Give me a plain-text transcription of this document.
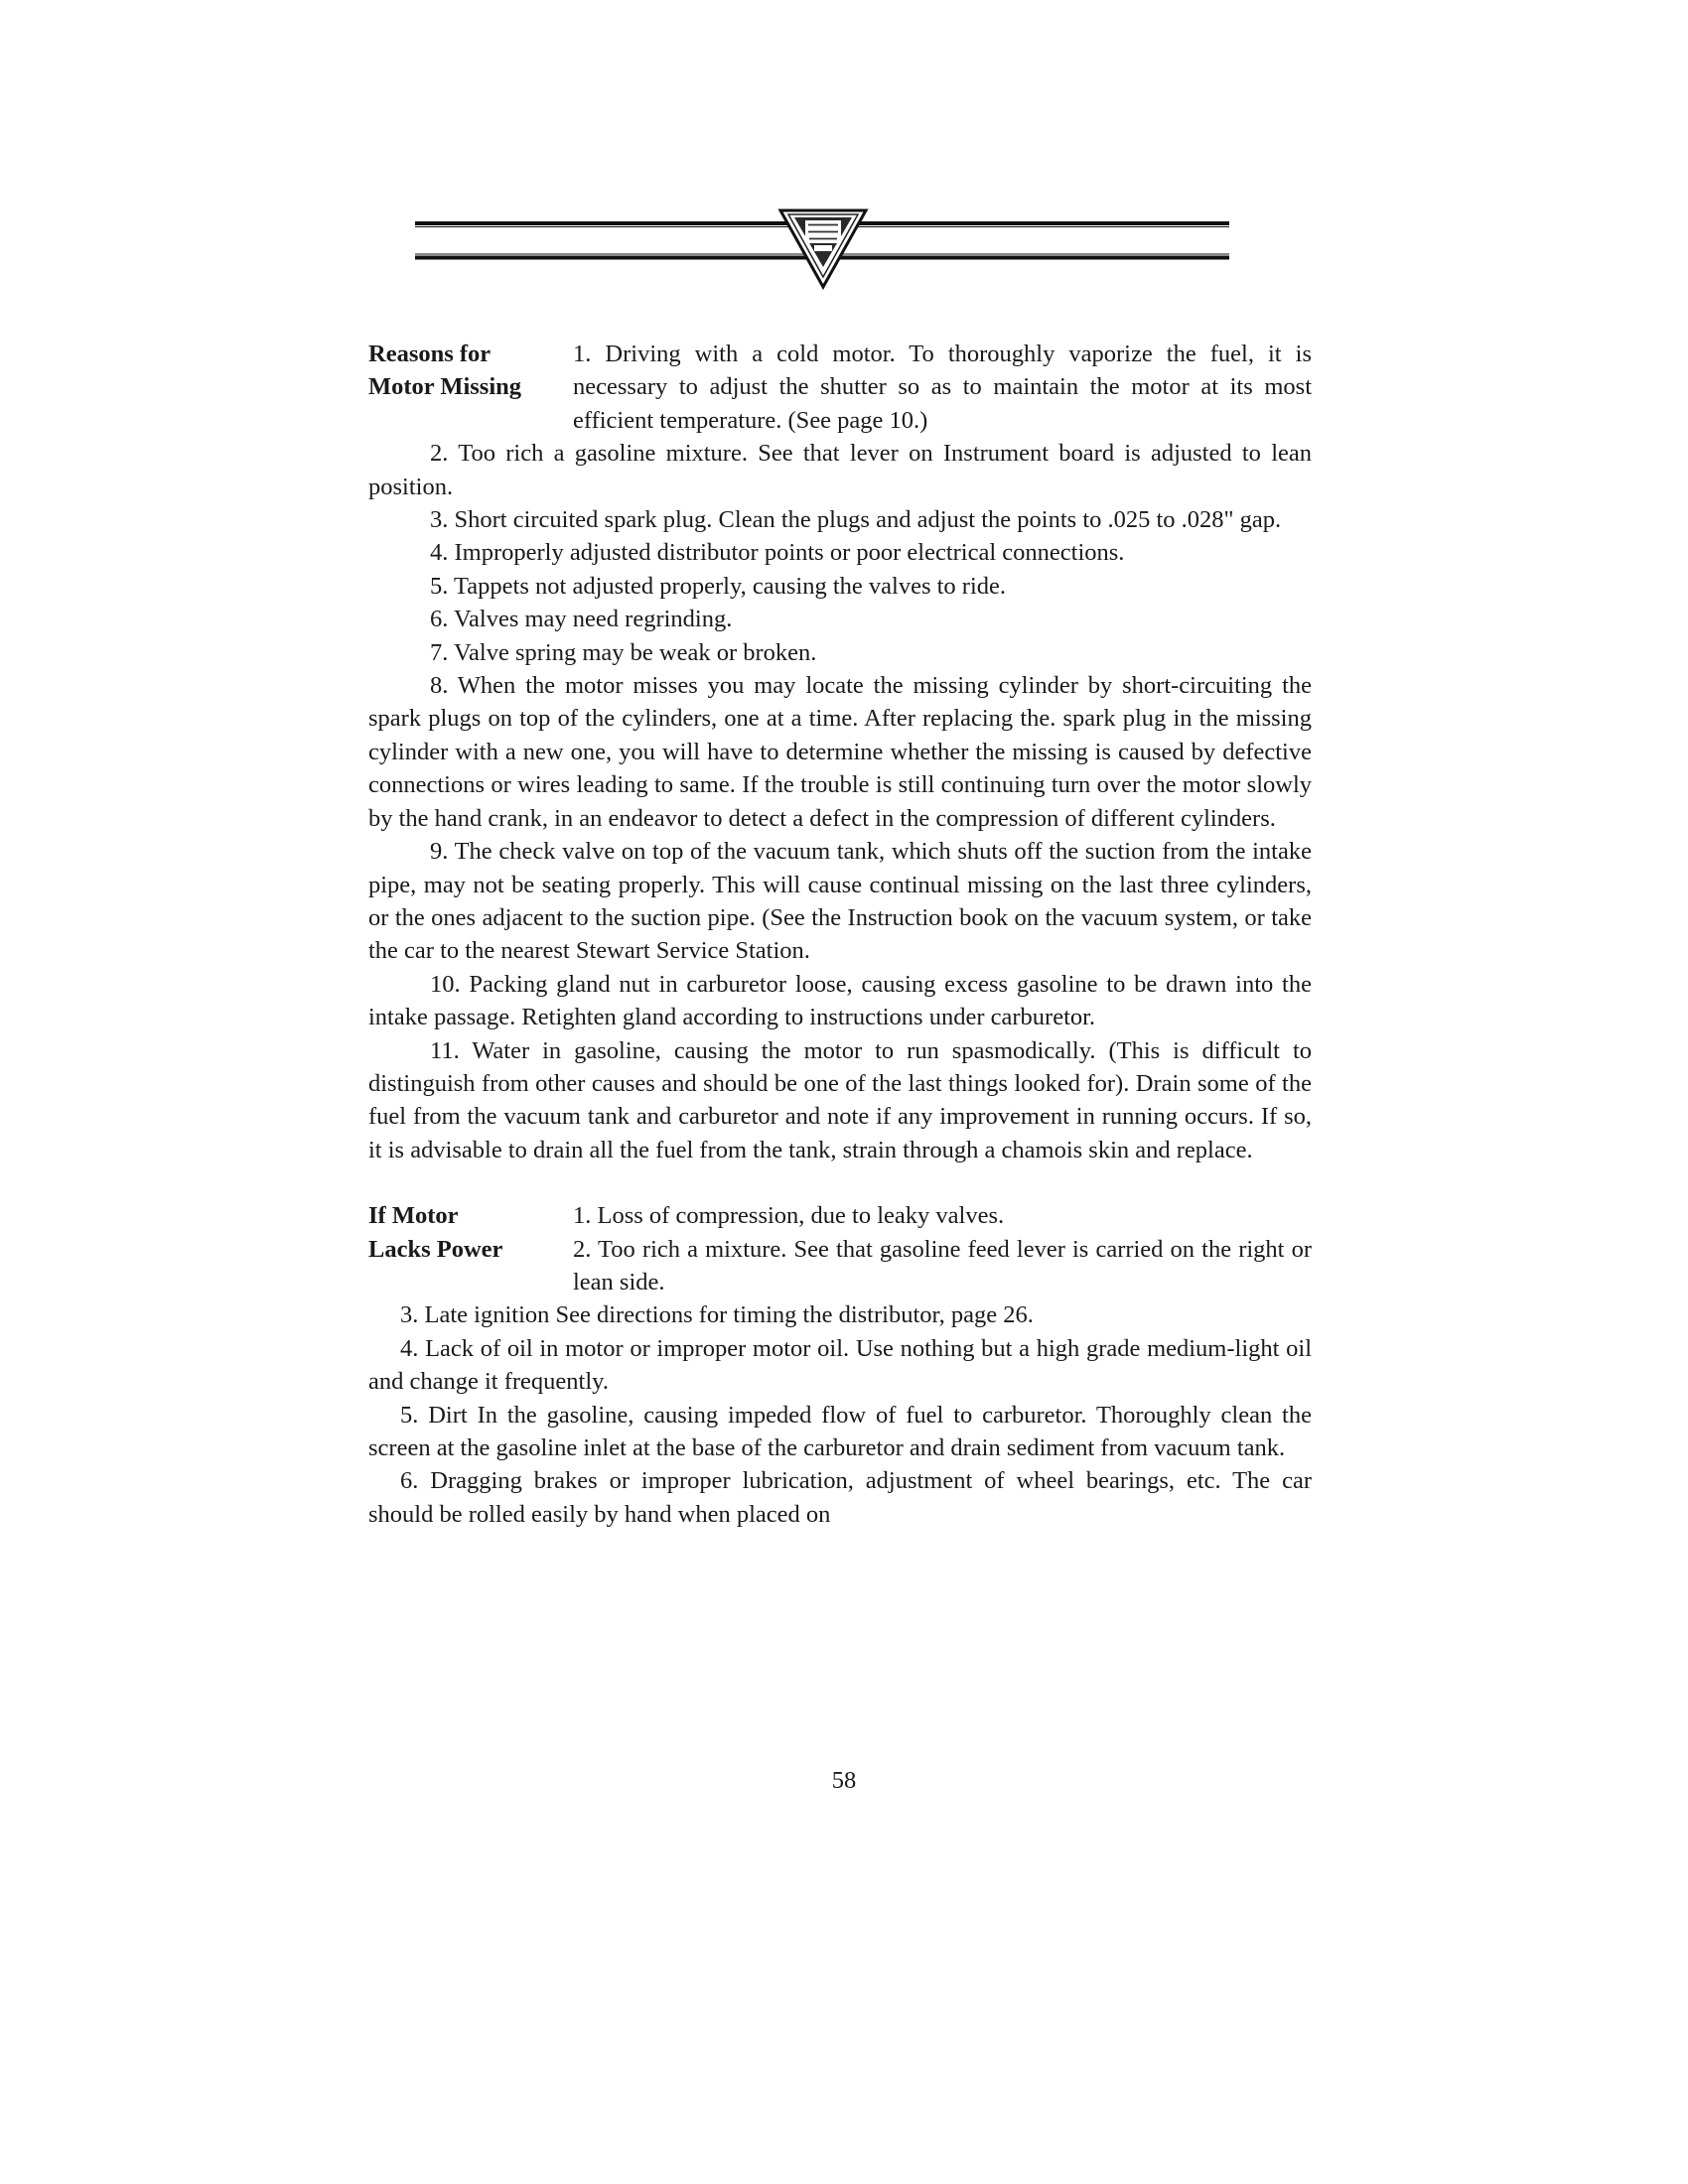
Reasons for
Motor Missing

1. Driving with a cold motor. To thoroughly vaporize the fuel, it is necessary to adjust the shutter so as to maintain the motor at its most efficient temperature. (See page 10.)

2. Too rich a gasoline mixture. See that lever on Instrument board is adjusted to lean position.

3. Short circuited spark plug. Clean the plugs and adjust the points to .025 to .028" gap.

4. Improperly adjusted distributor points or poor electrical connections.

5. Tappets not adjusted properly, causing the valves to ride.

6. Valves may need regrinding.

7. Valve spring may be weak or broken.

8. When the motor misses you may locate the missing cylinder by short-circuiting the spark plugs on top of the cylinders, one at a time. After replacing the. spark plug in the missing cylinder with a new one, you will have to determine whether the missing is caused by defective connections or wires leading to same. If the trouble is still continuing turn over the motor slowly by the hand crank, in an endeavor to detect a defect in the compression of different cylinders.

9. The check valve on top of the vacuum tank, which shuts off the suction from the intake pipe, may not be seating properly. This will cause continual missing on the last three cylinders, or the ones adjacent to the suction pipe. (See the Instruction book on the vacuum system, or take the car to the nearest Stewart Service Station.

10. Packing gland nut in carburetor loose, causing excess gasoline to be drawn into the intake passage. Retighten gland according to instructions under carburetor.

11. Water in gasoline, causing the motor to run spasmodically. (This is difficult to distinguish from other causes and should be one of the last things looked for). Drain some of the fuel from the vacuum tank and carburetor and note if any improvement in running occurs. If so, it is advisable to drain all the fuel from the tank, strain through a chamois skin and replace.

If Motor
Lacks Power

1. Loss of compression, due to leaky valves.

2. Too rich a mixture. See that gasoline feed lever is carried on the right or lean side.

3. Late ignition See directions for timing the distributor, page 26.

4. Lack of oil in motor or improper motor oil. Use nothing but a high grade medium-light oil and change it frequently.

5. Dirt In the gasoline, causing impeded flow of fuel to carburetor. Thoroughly clean the screen at the gasoline inlet at the base of the carburetor and drain sediment from vacuum tank.

6. Dragging brakes or improper lubrication, adjustment of wheel bearings, etc. The car should be rolled easily by hand when placed on

58
